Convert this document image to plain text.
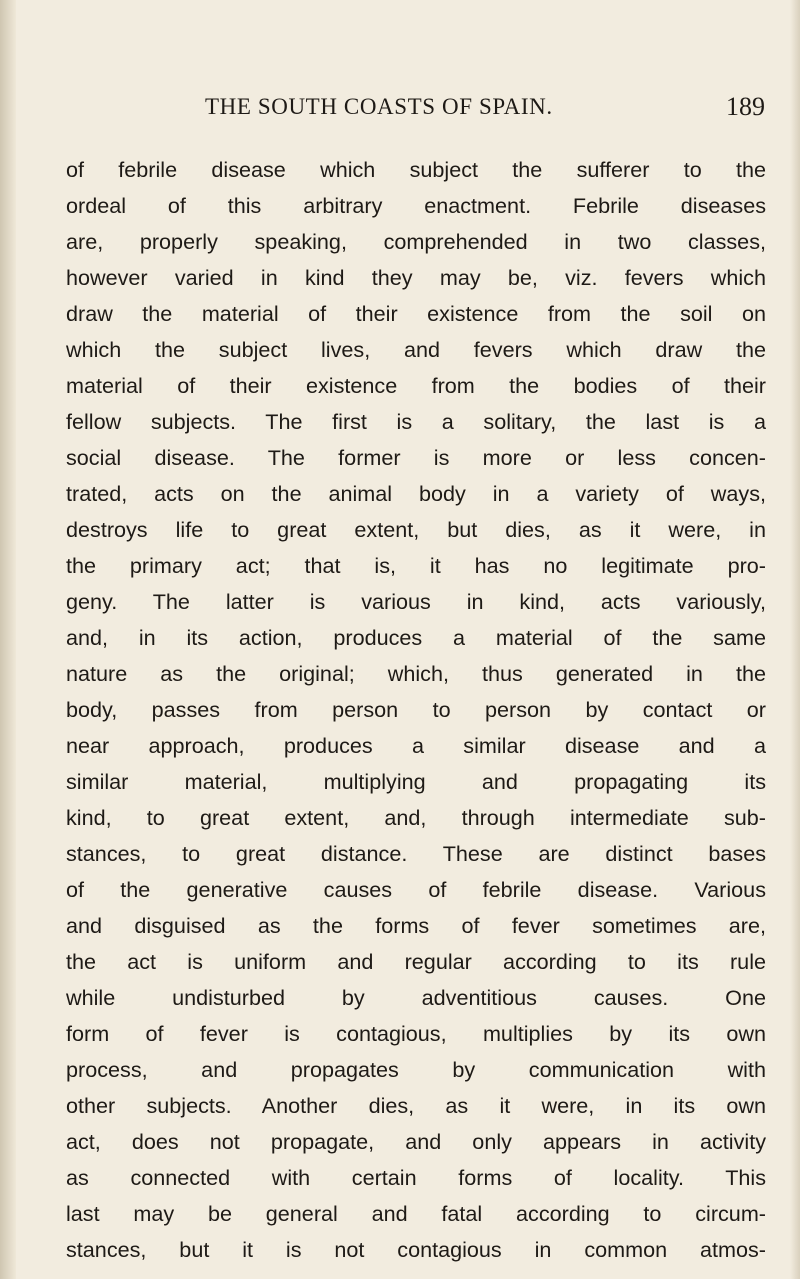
THE SOUTH COASTS OF SPAIN.	189
of febrile disease which subject the sufferer to the
ordeal of this arbitrary enactment. Febrile diseases
are, properly speaking, comprehended in two classes,
however varied in kind they may be, viz. fevers which
draw the material of their existence from the soil on
which the subject lives, and fevers which draw the
material of their existence from the bodies of their
fellow subjects. The first is a solitary, the last is a
social disease. The former is more or less concen-
trated, acts on the animal body in a variety of ways,
destroys life to great extent, but dies, as it were, in
the primary act; that is, it has no legitimate pro-
geny. The latter is various in kind, acts variously,
and, in its action, produces a material of the same
nature as the original; which, thus generated in the
body, passes from person to person by contact or
near approach, produces a similar disease and a
similar material, multiplying and propagating its
kind, to great extent, and, through intermediate sub-
stances, to great distance. These are distinct bases
of the generative causes of febrile disease. Various
and disguised as the forms of fever sometimes are,
the act is uniform and regular according to its rule
while undisturbed by adventitious causes. One
form of fever is contagious, multiplies by its own
process, and propagates by communication with
other subjects. Another dies, as it were, in its own
act, does not propagate, and only appears in activity
as connected with certain forms of locality. This
last may be general and fatal according to circum-
stances, but it is not contagious in common atmos-
